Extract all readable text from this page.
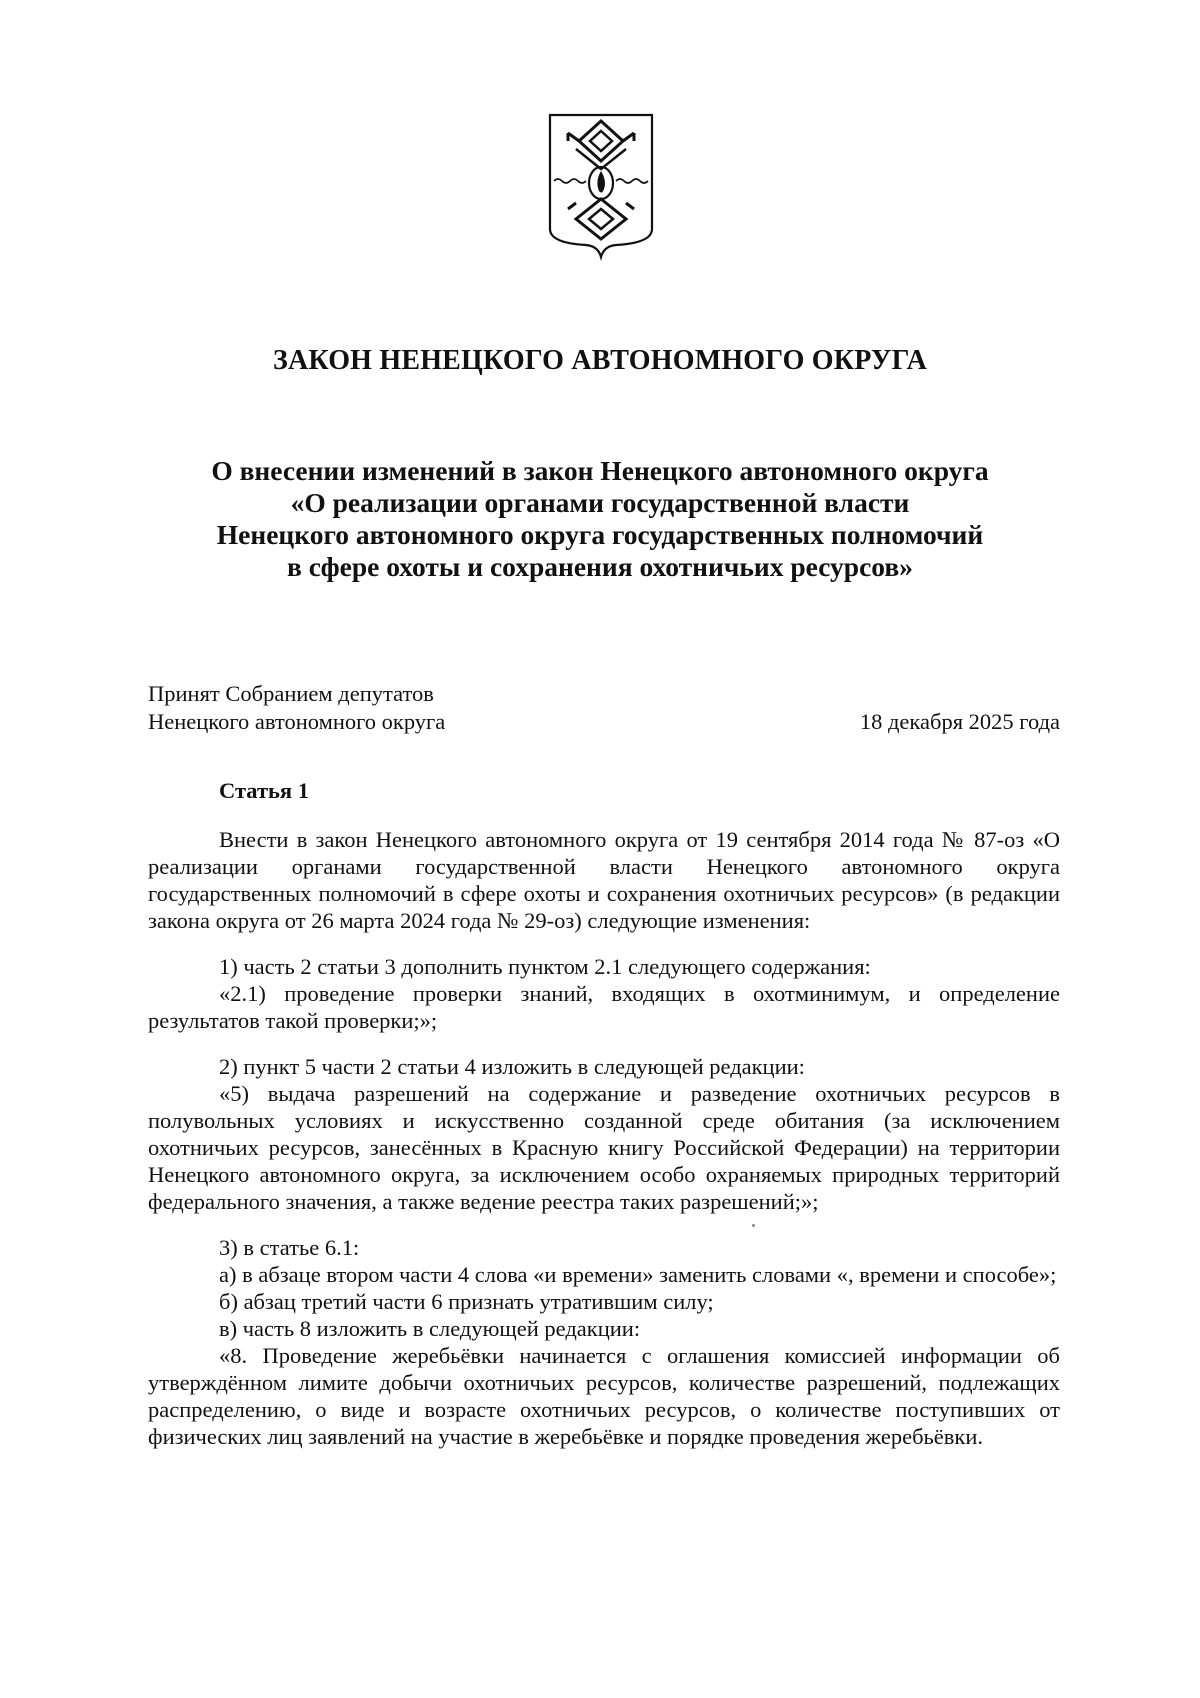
ЗАКОН НЕНЕЦКОГО АВТОНОМНОГО ОКРУГА
О внесении изменений в закон Ненецкого автономного округа
«О реализации органами государственной власти
Ненецкого автономного округа государственных полномочий
в сфере охоты и сохранения охотничьих ресурсов»
Принят Собранием депутатов
Ненецкого автономного округа	18 декабря 2025 года
Статья 1

Внести в закон Ненецкого автономного округа от 19 сентября 2014 года № 87-оз «О реализации органами государственной власти Ненецкого автономного округа государственных полномочий в сфере охоты и сохранения охотничьих ресурсов» (в редакции закона округа от 26 марта 2024 года № 29-оз) следующие изменения:

1) часть 2 статьи 3 дополнить пунктом 2.1 следующего содержания:

«2.1) проведение проверки знаний, входящих в охотминимум, и определение результатов такой проверки;»;

2) пункт 5 части 2 статьи 4 изложить в следующей редакции:

«5) выдача разрешений на содержание и разведение охотничьих ресурсов в полувольных условиях и искусственно созданной среде обитания (за исключением охотничьих ресурсов, занесённых в Красную книгу Российской Федерации) на территории Ненецкого автономного округа, за исключением особо охраняемых природных территорий федерального значения, а также ведение реестра таких разрешений;»;

3) в статье 6.1:

а) в абзаце втором части 4 слова «и времени» заменить словами «, времени и способе»;

б) абзац третий части 6 признать утратившим силу;

в) часть 8 изложить в следующей редакции:

«8. Проведение жеребьёвки начинается с оглашения комиссией информации об утверждённом лимите добычи охотничьих ресурсов, количестве разрешений, подлежащих распределению, о виде и возрасте охотничьих ресурсов, о количестве поступивших от физических лиц заявлений на участие в жеребьёвке и порядке проведения жеребьёвки.
